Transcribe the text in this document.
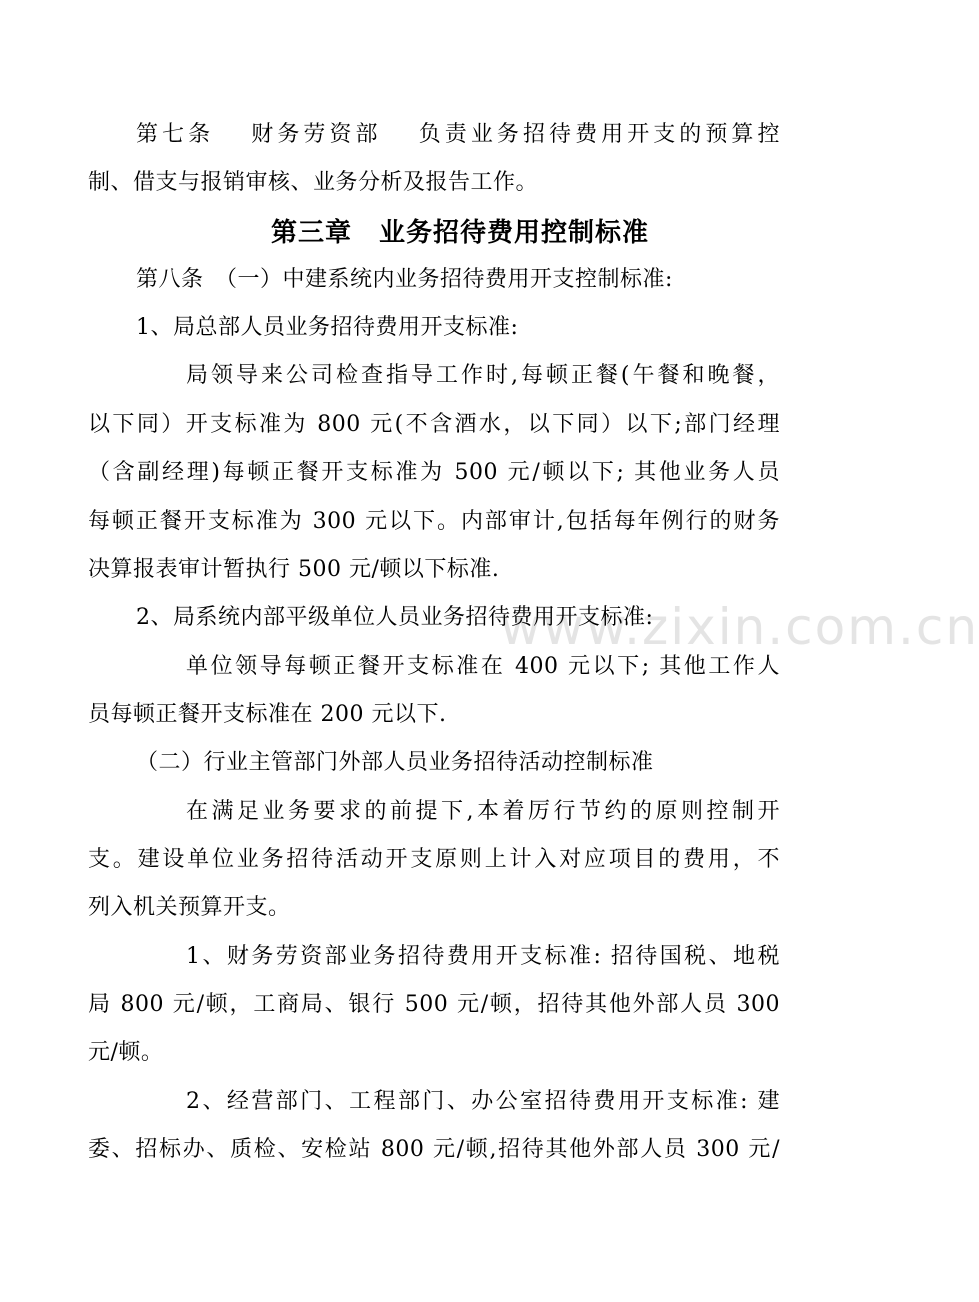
www.zixin.com.cn
第七条　 财务劳资部　 负责业务招待费用开支的预算控
制、借支与报销审核、业务分析及报告工作。
第三章　业务招待费用控制标准
第八条　（一）中建系统内业务招待费用开支控制标准:
1、局总部人员业务招待费用开支标准:
局领导来公司检查指导工作时,每顿正餐(午餐和晚餐，
以下同）开支标准为 800 元(不含酒水，以下同）以下;部门经理
（含副经理)每顿正餐开支标准为 500 元/顿以下; 其他业务人员
每顿正餐开支标准为 300 元以下。内部审计,包括每年例行的财务
决算报表审计暂执行 500 元/顿以下标准.
2、局系统内部平级单位人员业务招待费用开支标准:
单位领导每顿正餐开支标准在 400 元以下; 其他工作人
员每顿正餐开支标准在 200 元以下.
（二）行业主管部门外部人员业务招待活动控制标准
在满足业务要求的前提下,本着厉行节约的原则控制开
支。建设单位业务招待活动开支原则上计入对应项目的费用，不
列入机关预算开支。
1、财务劳资部业务招待费用开支标准: 招待国税、地税
局 800 元/顿，工商局、银行 500 元/顿，招待其他外部人员 300
元/顿。
2、经营部门、工程部门、办公室招待费用开支标准: 建
委、招标办、质检、安检站 800 元/顿,招待其他外部人员 300 元/
